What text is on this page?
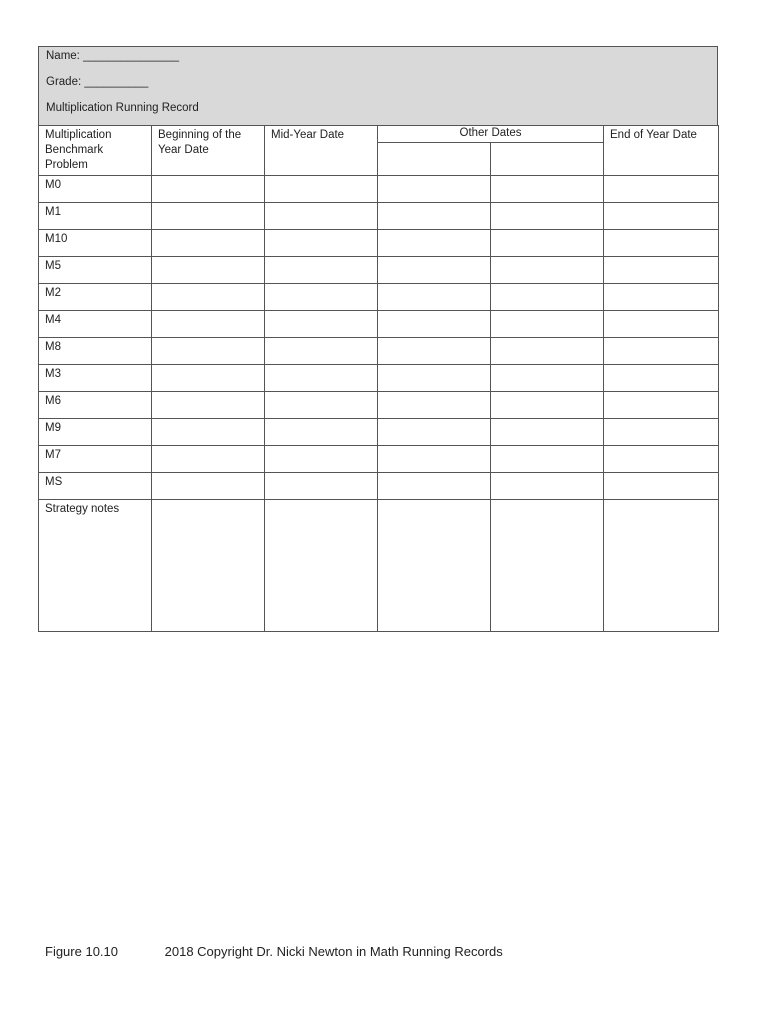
Name: _______________
Grade: __________
Multiplication Running Record
Multiplication Benchmark Problem	Beginning of the Year Date	Mid-Year Date	Other Dates		End of Year Date

M0					
M1					
M10					
M5					
M2					
M4					
M8					
M3					
M6					
M9					
M7					
MS					
Strategy notes					
Figure 10.10	2018 Copyright Dr. Nicki Newton in Math Running Records
